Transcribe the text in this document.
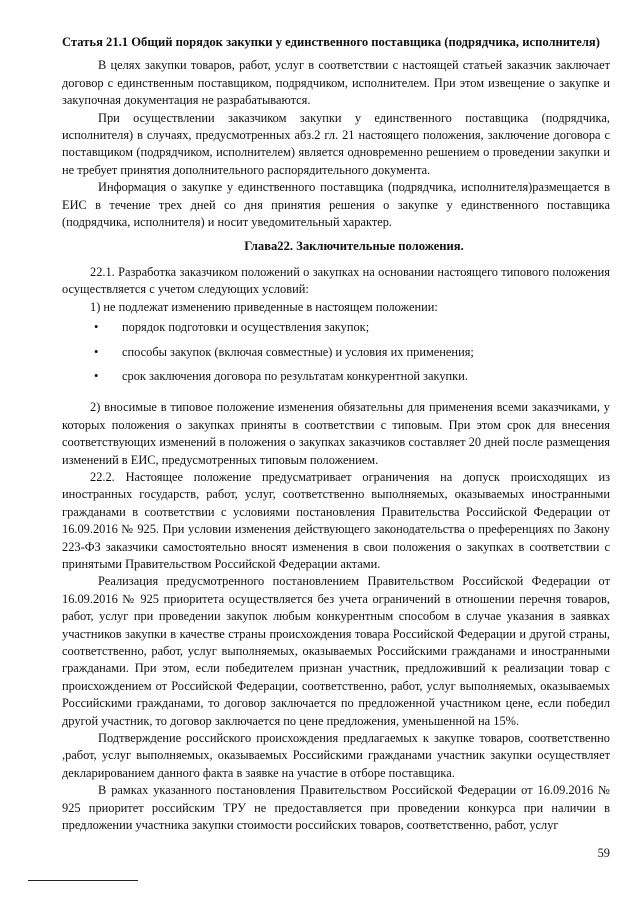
Статья 21.1 Общий порядок закупки у единственного поставщика (подрядчика, исполнителя)

В целях закупки товаров, работ, услуг в соответствии с настоящей статьей заказчик заключает договор с единственным поставщиком, подрядчиком, исполнителем. При этом извещение о закупке и закупочная документация не разрабатываются.

При осуществлении заказчиком закупки у единственного поставщика (подрядчика, исполнителя) в случаях, предусмотренных абз.2 гл. 21 настоящего положения, заключение договора с поставщиком (подрядчиком, исполнителем) является одновременно решением о проведении закупки и не требует принятия дополнительного распорядительного документа.

Информация о закупке у единственного поставщика (подрядчика, исполнителя)размещается в ЕИС в течение трех дней со дня принятия решения о закупке у единственного поставщика (подрядчика, исполнителя) и носит уведомительный характер.

Глава22. Заключительные положения.

22.1. Разработка заказчиком положений о закупках на основании настоящего типового положения осуществляется с учетом следующих условий:

1) не подлежат изменению приведенные в настоящем положении:

• порядок подготовки и осуществления закупок;
• способы закупок (включая совместные) и условия их применения;
• срок заключения договора по результатам конкурентной закупки.

2) вносимые в типовое положение изменения обязательны для применения всеми заказчиками, у которых положения о закупках приняты в соответствии с типовым. При этом срок для внесения соответствующих изменений в положения о закупках заказчиков составляет 20 дней после размещения изменений в ЕИС, предусмотренных типовым положением.

22.2. Настоящее положение предусматривает ограничения на допуск происходящих из иностранных государств, работ, услуг, соответственно выполняемых, оказываемых иностранными гражданами в соответствии с условиями постановления Правительства Российской Федерации от 16.09.2016 № 925. При условии изменения действующего законодательства о преференциях по Закону 223-ФЗ заказчики самостоятельно вносят изменения в свои положения о закупках в соответствии с принятыми Правительством Российской Федерации актами.

Реализация предусмотренного постановлением Правительством Российской Федерации от 16.09.2016 № 925 приоритета осуществляется без учета ограничений в отношении перечня товаров, работ, услуг при проведении закупок любым конкурентным способом в случае указания в заявках участников закупки в качестве страны происхождения товара Российской Федерации и другой страны, соответственно, работ, услуг выполняемых, оказываемых Российскими гражданами и иностранными гражданами. При этом, если победителем признан участник, предложивший к реализации товар с происхождением от Российской Федерации, соответственно, работ, услуг выполняемых, оказываемых Российскими гражданами, то договор заключается по предложенной участником цене, если победил другой участник, то договор заключается по цене предложения, уменьшенной на 15%.

Подтверждение российского происхождения предлагаемых к закупке товаров, соответственно ,работ, услуг выполняемых, оказываемых Российскими гражданами участник закупки осуществляет декларированием данного факта в заявке на участие в отборе поставщика.

В рамках указанного постановления Правительством Российской Федерации от 16.09.2016 № 925 приоритет российским ТРУ не предоставляется при проведении конкурса при наличии в предложении участника закупки стоимости российских товаров, соответственно, работ, услуг

59
